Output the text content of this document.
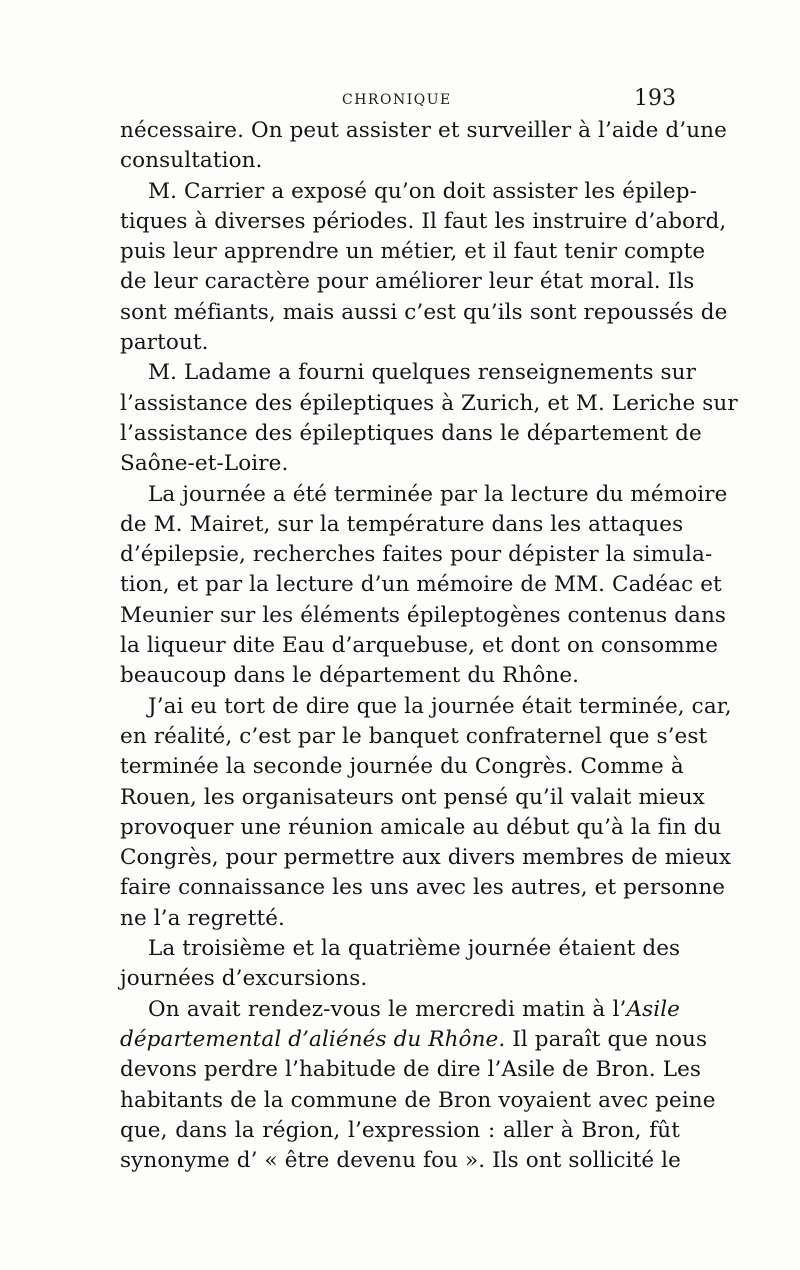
CHRONIQUE	193
nécessaire. On peut assister et surveiller à l’aide d’une
consultation.
M. Carrier a exposé qu’on doit assister les épilep-
tiques à diverses périodes. Il faut les instruire d’abord,
puis leur apprendre un métier, et il faut tenir compte
de leur caractère pour améliorer leur état moral. Ils
sont méfiants, mais aussi c’est qu’ils sont repoussés de
partout.
M. Ladame a fourni quelques renseignements sur
l’assistance des épileptiques à Zurich, et M. Leriche sur
l’assistance des épileptiques dans le département de
Saône-et-Loire.
La journée a été terminée par la lecture du mémoire
de M. Mairet, sur la température dans les attaques
d’épilepsie, recherches faites pour dépister la simula-
tion, et par la lecture d’un mémoire de MM. Cadéac et
Meunier sur les éléments épileptogènes contenus dans
la liqueur dite Eau d’arquebuse, et dont on consomme
beaucoup dans le département du Rhône.
J’ai eu tort de dire que la journée était terminée, car,
en réalité, c’est par le banquet confraternel que s’est
terminée la seconde journée du Congrès. Comme à
Rouen, les organisateurs ont pensé qu’il valait mieux
provoquer une réunion amicale au début qu’à la fin du
Congrès, pour permettre aux divers membres de mieux
faire connaissance les uns avec les autres, et personne
ne l’a regretté.
La troisième et la quatrième journée étaient des
journées d’excursions.
On avait rendez-vous le mercredi matin à l’Asile
départemental d’aliénés du Rhône. Il paraît que nous
devons perdre l’habitude de dire l’Asile de Bron. Les
habitants de la commune de Bron voyaient avec peine
que, dans la région, l’expression : aller à Bron, fût
synonyme d’ « être devenu fou ». Ils ont sollicité le
